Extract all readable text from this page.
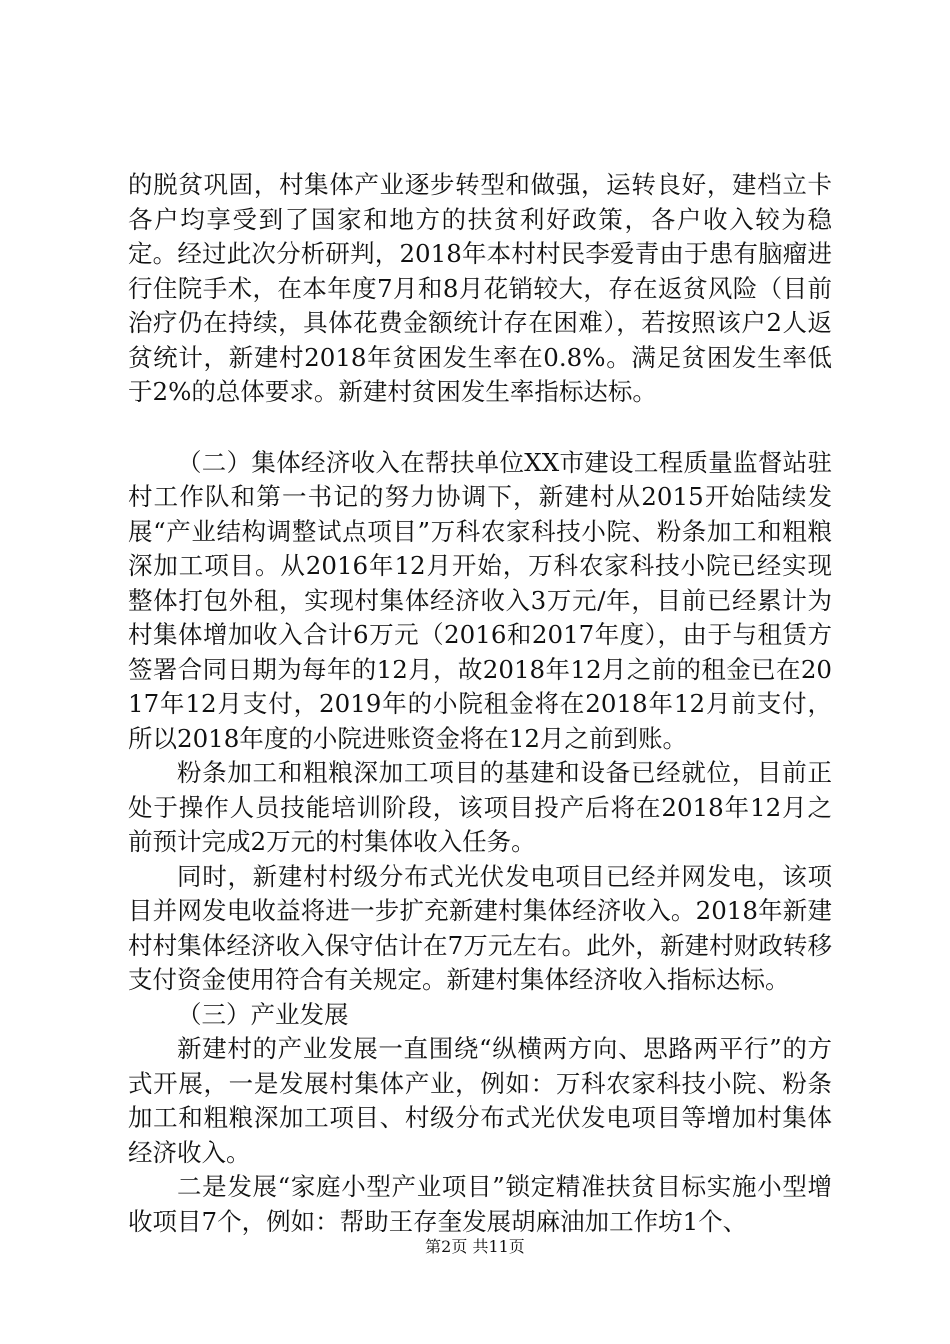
的脱贫巩固，村集体产业逐步转型和做强，运转良好，建档立卡各户均享受到了国家和地方的扶贫利好政策，各户收入较为稳定。经过此次分析研判，2018年本村村民李爱青由于患有脑瘤进行住院手术，在本年度7月和8月花销较大，存在返贫风险（目前治疗仍在持续，具体花费金额统计存在困难），若按照该户2人返贫统计，新建村2018年贫困发生率在0.8%。满足贫困发生率低于2%的总体要求。新建村贫困发生率指标达标。

（二）集体经济收入在帮扶单位XX市建设工程质量监督站驻村工作队和第一书记的努力协调下，新建村从2015开始陆续发展“产业结构调整试点项目”万科农家科技小院、粉条加工和粗粮深加工项目。从2016年12月开始，万科农家科技小院已经实现整体打包外租，实现村集体经济收入3万元/年，目前已经累计为村集体增加收入合计6万元（2016和2017年度），由于与租赁方签署合同日期为每年的12月，故2018年12月之前的租金已在2017年12月支付，2019年的小院租金将在2018年12月前支付，所以2018年度的小院进账资金将在12月之前到账。

粉条加工和粗粮深加工项目的基建和设备已经就位，目前正处于操作人员技能培训阶段，该项目投产后将在2018年12月之前预计完成2万元的村集体收入任务。

同时，新建村村级分布式光伏发电项目已经并网发电，该项目并网发电收益将进一步扩充新建村集体经济收入。2018年新建村村集体经济收入保守估计在7万元左右。此外，新建村财政转移支付资金使用符合有关规定。新建村集体经济收入指标达标。

（三）产业发展

新建村的产业发展一直围绕“纵横两方向、思路两平行”的方式开展，一是发展村集体产业，例如：万科农家科技小院、粉条加工和粗粮深加工项目、村级分布式光伏发电项目等增加村集体经济收入。

二是发展“家庭小型产业项目”锁定精准扶贫目标实施小型增收项目7个，例如：帮助王存奎发展胡麻油加工作坊1个、

第2页 共11页
